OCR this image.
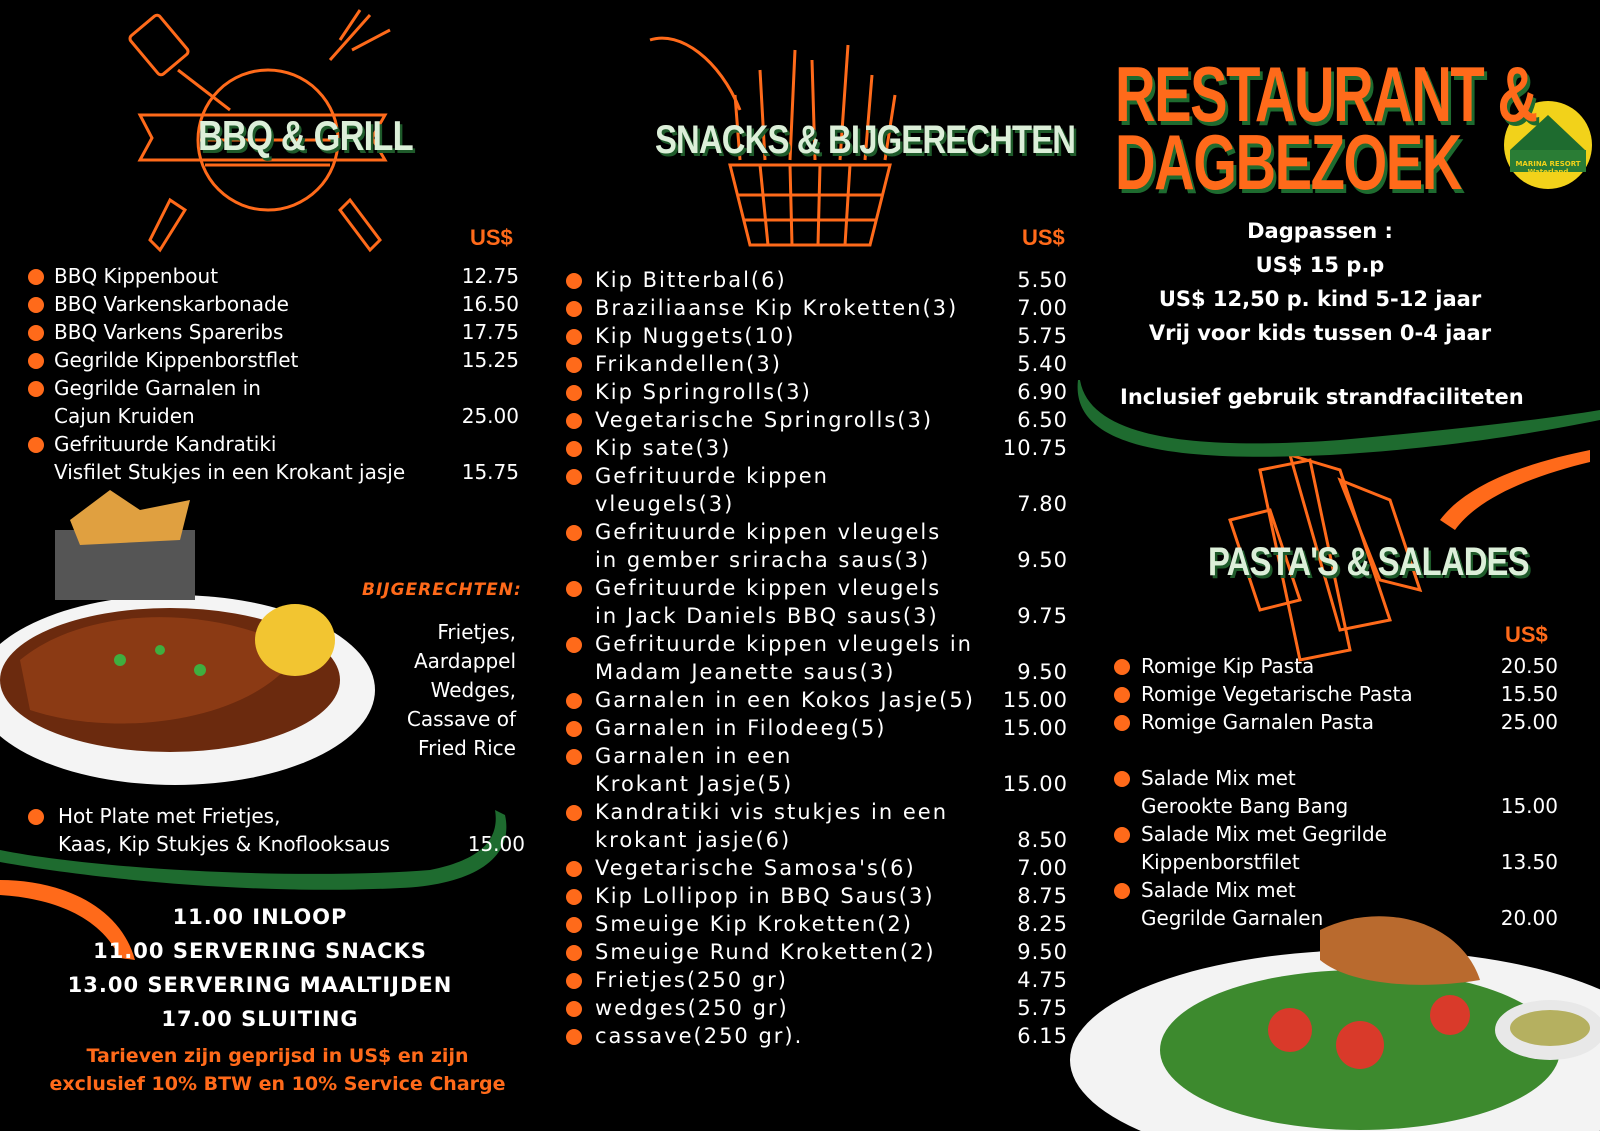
BBQ & GRILL
US$
BBQ Kippenbout	12.75
BBQ Varkenskarbonade	16.50
BBQ Varkens Spareribs	17.75
Gegrilde Kippenborstflet	15.25
Gegrilde Garnalen in
Cajun Kruiden	25.00
Gefrituurde Kandratiki
Visfilet Stukjes in een Krokant jasje	15.75
BIJGERECHTEN:
Frietjes,
Aardappel
Wedges,
Cassave of
Fried Rice
Hot Plate met Frietjes,
Kaas, Kip Stukjes & Knoflooksaus	15.00
11.00 INLOOP
11.00 SERVERING SNACKS
13.00 SERVERING MAALTIJDEN
17.00 SLUITING
Tarieven zijn geprijsd in US$ en zijn
exclusief 10% BTW en 10% Service Charge
SNACKS & BIJGERECHTEN
US$
Kip Bitterbal(6)	5.50
Braziliaanse Kip Kroketten(3)	7.00
Kip Nuggets(10)	5.75
Frikandellen(3)	5.40
Kip Springrolls(3)	6.90
Vegetarische Springrolls(3)	6.50
Kip sate(3)	10.75
Gefrituurde kippen
vleugels(3)	7.80
Gefrituurde kippen vleugels
in gember sriracha saus(3)	9.50
Gefrituurde kippen vleugels
in Jack Daniels BBQ saus(3)	9.75
Gefrituurde kippen vleugels in
Madam Jeanette saus(3)	9.50
Garnalen in een Kokos Jasje(5) 15.00
Garnalen in Filodeeg(5)	15.00
Garnalen in een
Krokant Jasje(5)	15.00
Kandratiki vis stukjes in een
krokant jasje(6)	8.50
Vegetarische Samosa's(6)	7.00
Kip Lollipop in BBQ Saus(3)	8.75
Smeuige Kip Kroketten(2)	8.25
Smeuige Rund Kroketten(2)	9.50
Frietjes(250 gr)	4.75
wedges(250 gr)	5.75
cassave(250 gr).	6.15
RESTAURANT &
DAGBEZOEK	MARINA RESORT
Waterland
Dagpassen :
US$ 15 p.p
US$ 12,50 p. kind 5-12 jaar
Vrij voor kids tussen 0-4 jaar
Inclusief gebruik strandfaciliteten
PASTA'S & SALADES
US$
Romige Kip Pasta	20.50
Romige Vegetarische Pasta	15.50
Romige Garnalen Pasta	25.00
Salade Mix met
Gerookte Bang Bang	15.00
Salade Mix met Gegrilde
Kippenborstfilet	13.50
Salade Mix met
Gegrilde Garnalen	20.00
